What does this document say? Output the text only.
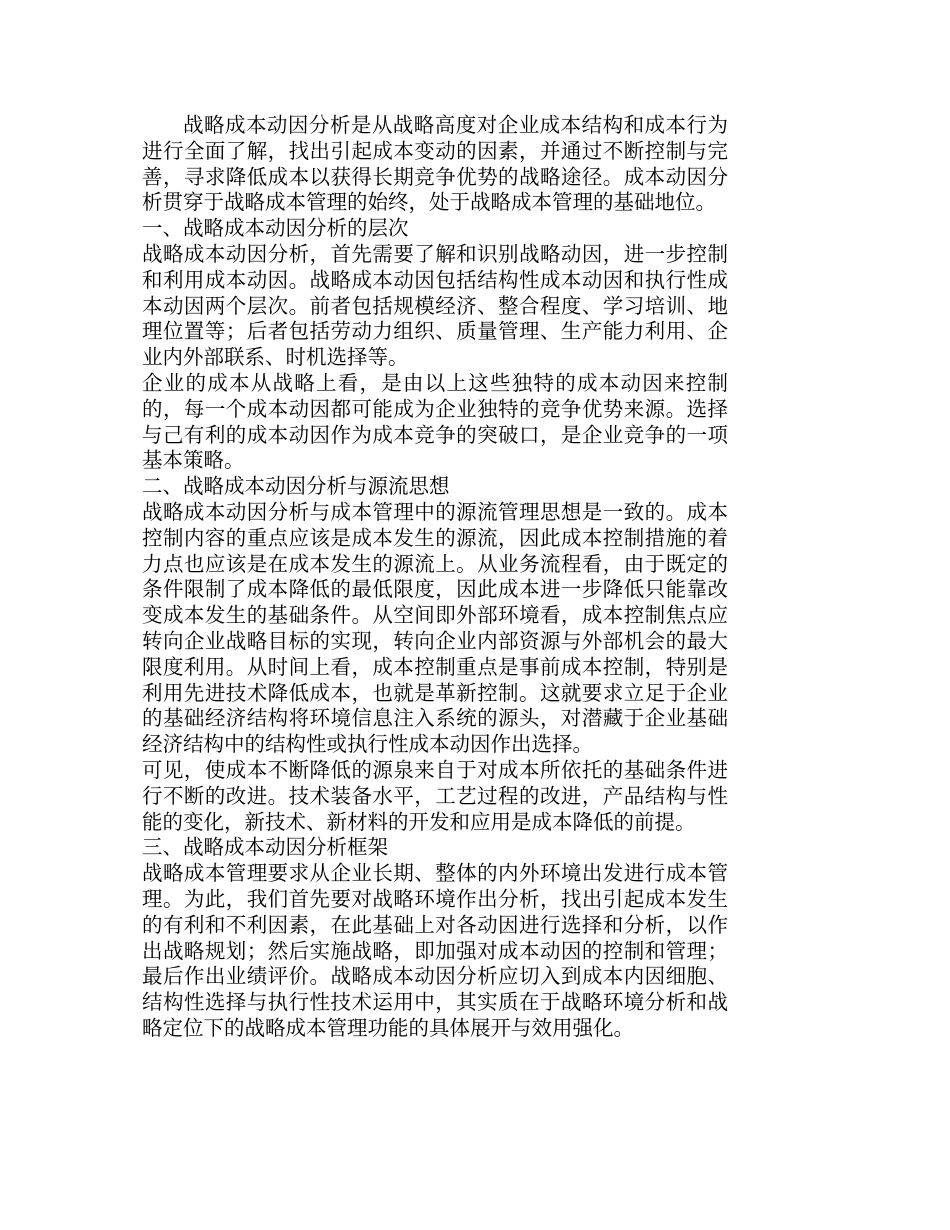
战略成本动因分析是从战略高度对企业成本结构和成本行为进行全面了解，找出引起成本变动的因素，并通过不断控制与完善，寻求降低成本以获得长期竞争优势的战略途径。成本动因分析贯穿于战略成本管理的始终，处于战略成本管理的基础地位。

一、战略成本动因分析的层次

战略成本动因分析，首先需要了解和识别战略动因，进一步控制和利用成本动因。战略成本动因包括结构性成本动因和执行性成本动因两个层次。前者包括规模经济、整合程度、学习培训、地理位置等；后者包括劳动力组织、质量管理、生产能力利用、企业内外部联系、时机选择等。

企业的成本从战略上看，是由以上这些独特的成本动因来控制的，每一个成本动因都可能成为企业独特的竞争优势来源。选择与己有利的成本动因作为成本竞争的突破口，是企业竞争的一项基本策略。

二、战略成本动因分析与源流思想

战略成本动因分析与成本管理中的源流管理思想是一致的。成本控制内容的重点应该是成本发生的源流，因此成本控制措施的着力点也应该是在成本发生的源流上。从业务流程看，由于既定的条件限制了成本降低的最低限度，因此成本进一步降低只能靠改变成本发生的基础条件。从空间即外部环境看，成本控制焦点应转向企业战略目标的实现，转向企业内部资源与外部机会的最大限度利用。从时间上看，成本控制重点是事前成本控制，特别是利用先进技术降低成本，也就是革新控制。这就要求立足于企业的基础经济结构将环境信息注入系统的源头，对潜藏于企业基础经济结构中的结构性或执行性成本动因作出选择。

可见，使成本不断降低的源泉来自于对成本所依托的基础条件进行不断的改进。技术装备水平，工艺过程的改进，产品结构与性能的变化，新技术、新材料的开发和应用是成本降低的前提。

三、战略成本动因分析框架

战略成本管理要求从企业长期、整体的内外环境出发进行成本管理。为此，我们首先要对战略环境作出分析，找出引起成本发生的有利和不利因素，在此基础上对各动因进行选择和分析，以作出战略规划；然后实施战略，即加强对成本动因的控制和管理；最后作出业绩评价。战略成本动因分析应切入到成本内因细胞、结构性选择与执行性技术运用中，其实质在于战略环境分析和战略定位下的战略成本管理功能的具体展开与效用强化。
